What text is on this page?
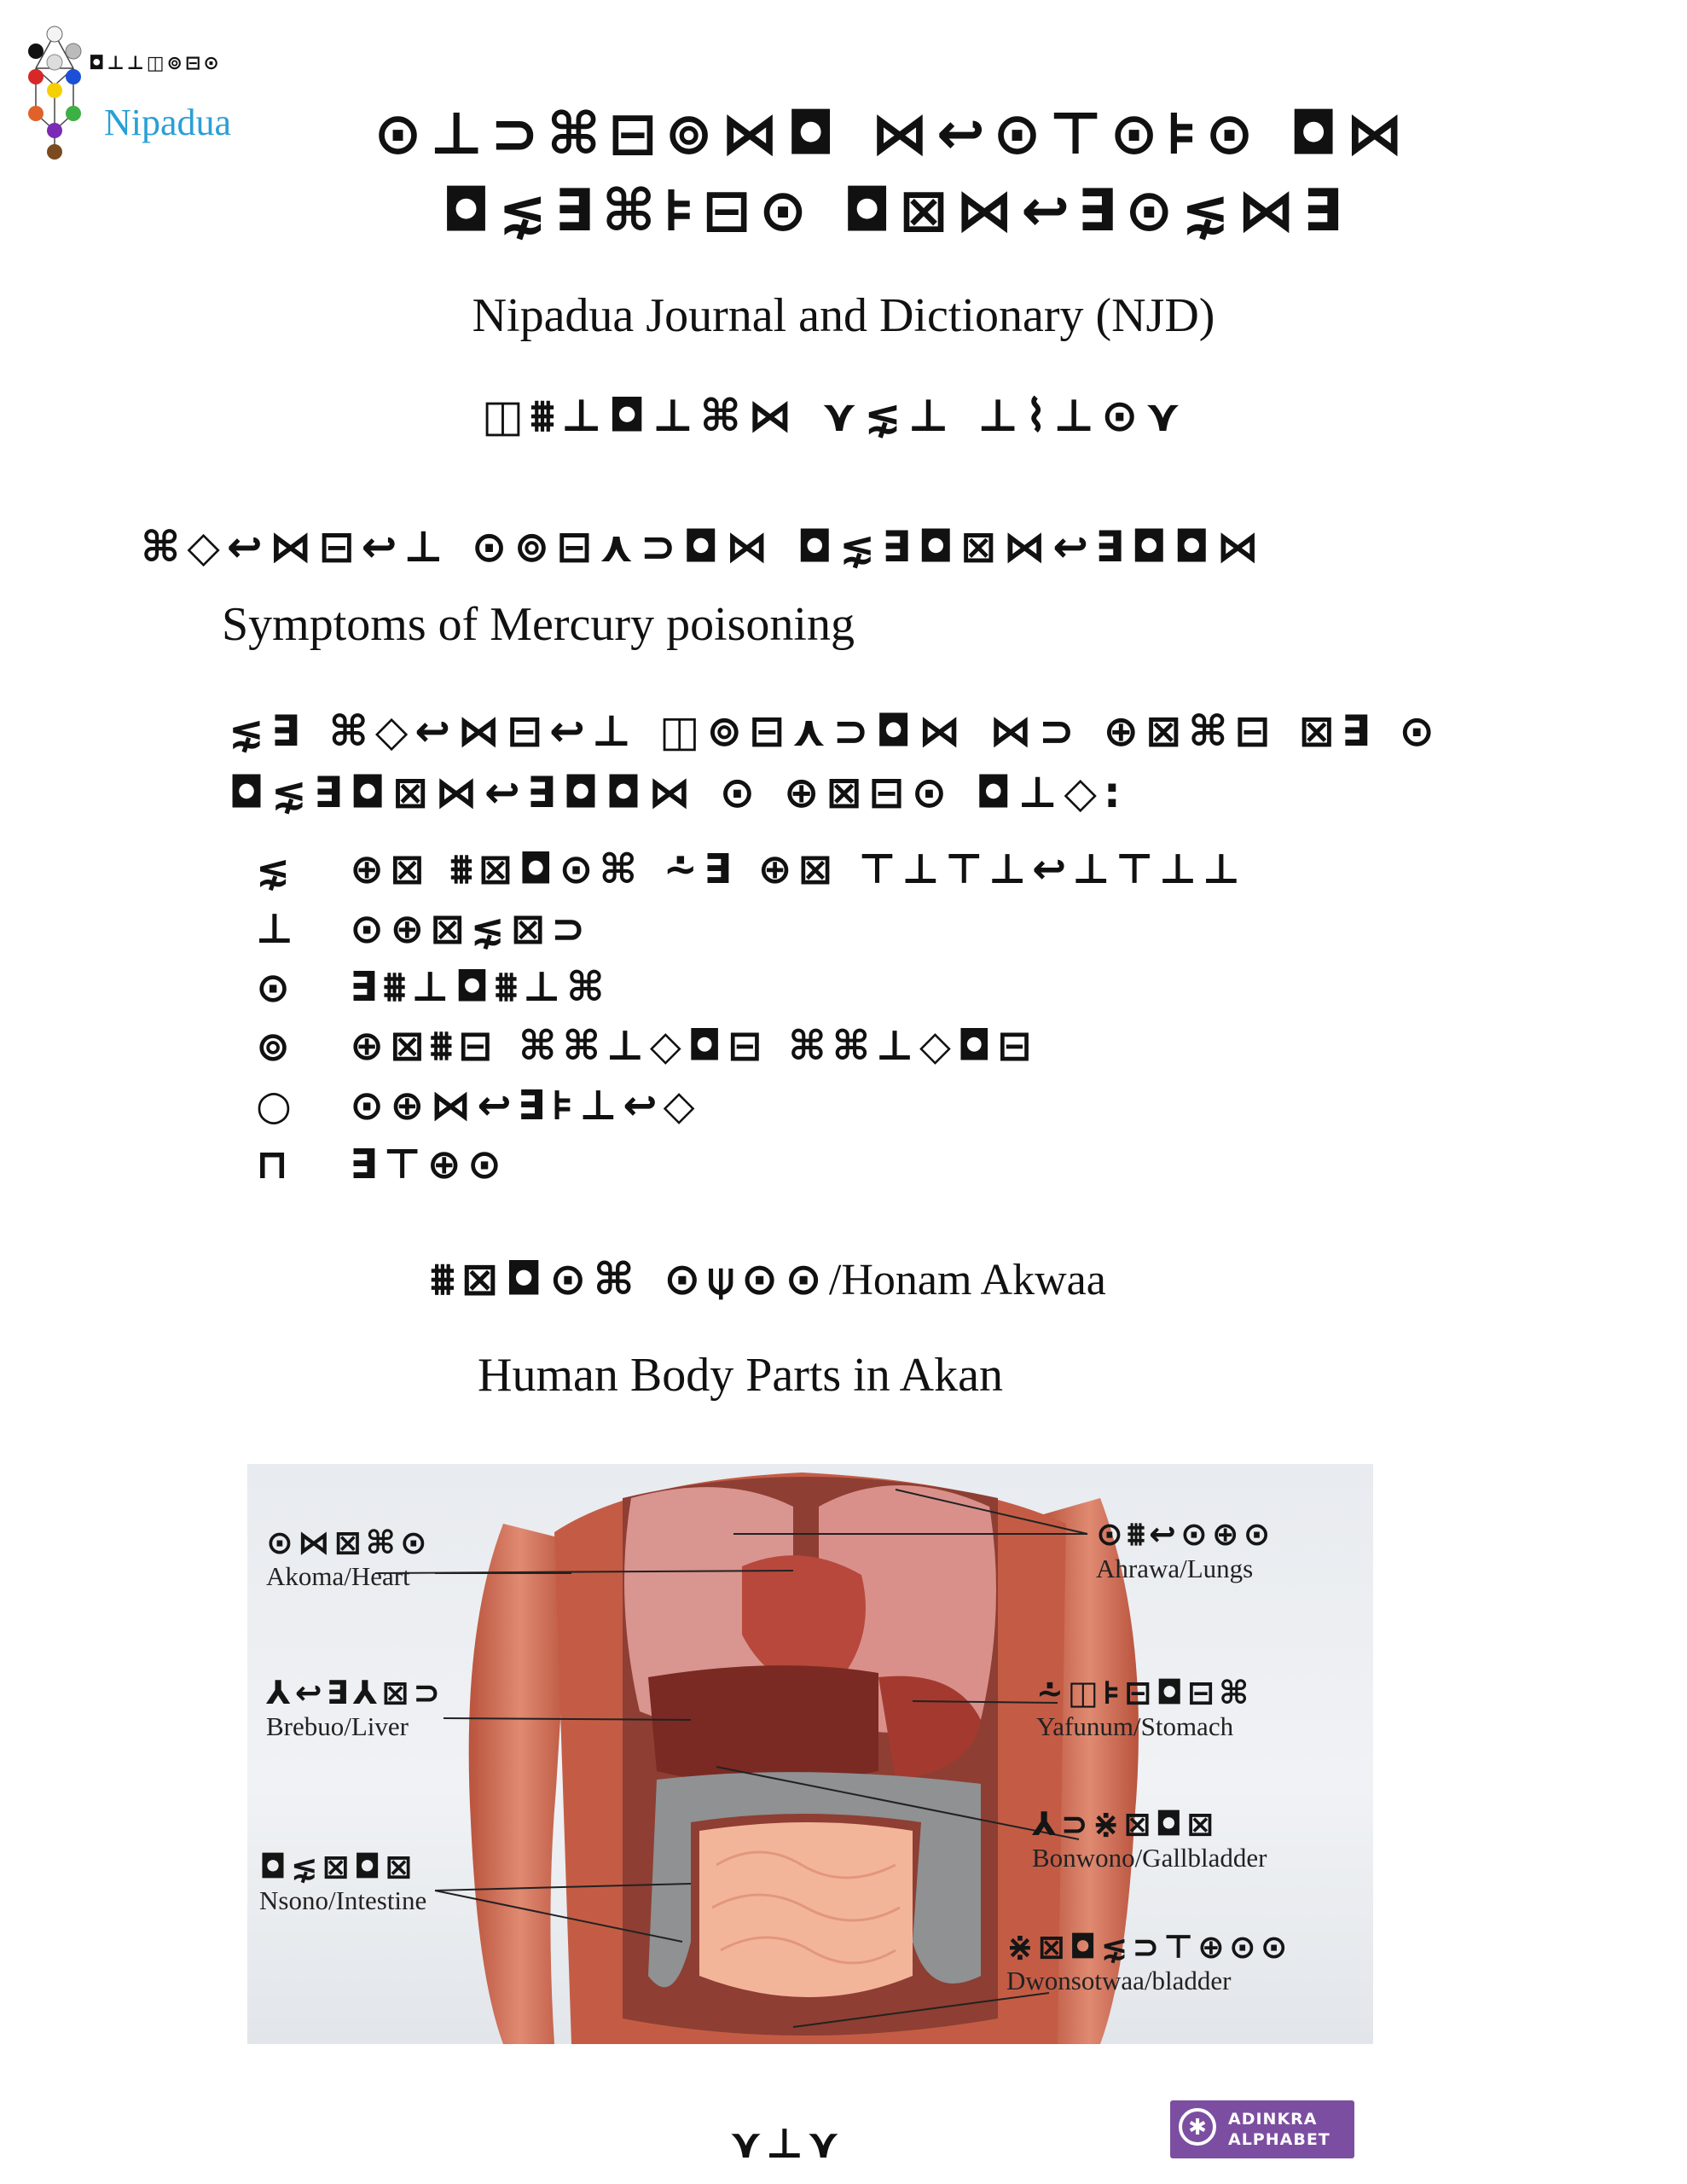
◘⊥⊥◫⊚⊟⊙
Nipadua ⊙⊥⊃⌘⊟⊚⋈◘ ⋈↩⊙⊤⊙⊧⊙ ◘⋈
◘⋦∃⌘⊧⊟⊙ ◘⊠⋈↩∃⊙⋦⋈∃
Nipadua Journal and Dictionary (NJD)
◫⩩⊥◘⊥⌘⋈ ⋎⋦⊥ ⊥⌇⊥⊙⋎
⌘◇↩⋈⊟↩⊥ ⊙⊚⊟⋏⊃◘⋈ ◘⋦∃◘⊠⋈↩∃◘◘⋈
Symptoms of Mercury poisoning
⋦∃ ⌘◇↩⋈⊟↩⊥ ◫⊚⊟⋏⊃◘⋈ ⋈⊃ ⊕⊠⌘⊟ ⊠∃ ⊙
◘⋦∃◘⊠⋈↩∃◘◘⋈ ⊙ ⊕⊠⊟⊙ ◘⊥◇:
⋦	⊕⊠ ⩩⊠◘⊙⌘ ⩪∃ ⊕⊠ ⊤⊥⊤⊥↩⊥⊤⊥⊥
⊥	⊙⊕⊠⋦⊠⊃
⊙	∃⩩⊥◘⩩⊥⌘
⊚	⊕⊠⩩⊟ ⌘⌘⊥◇◘⊟ ⌘⌘⊥◇◘⊟
○	⊙⊕⋈↩∃⊧⊥↩◇
⊓	∃⊤⊕⊙
⩩⊠◘⊙⌘ ⊙⍦⊙⊙/Honam Akwaa
Human Body Parts in Akan
⊙⋈⊠⌘⊙
Akoma/Heart
⅄↩∃⅄⊠⊃
Brebuo/Liver
◘⋦⊠◘⊠
Nsono/Intestine
⊙⩩↩⊙⊕⊙
Ahrawa/Lungs
⩪◫⊧⊟◘⊟⌘
Yafunum/Stomach
⅄⊃⋇⊠◘⊠
Bonwono/Gallbladder
⋇⊠◘⋦⊃⊤⊕⊙⊙
Dwonsotwaa/bladder
⋎⊥⋎	✱	ADINKRA
ALPHABET
